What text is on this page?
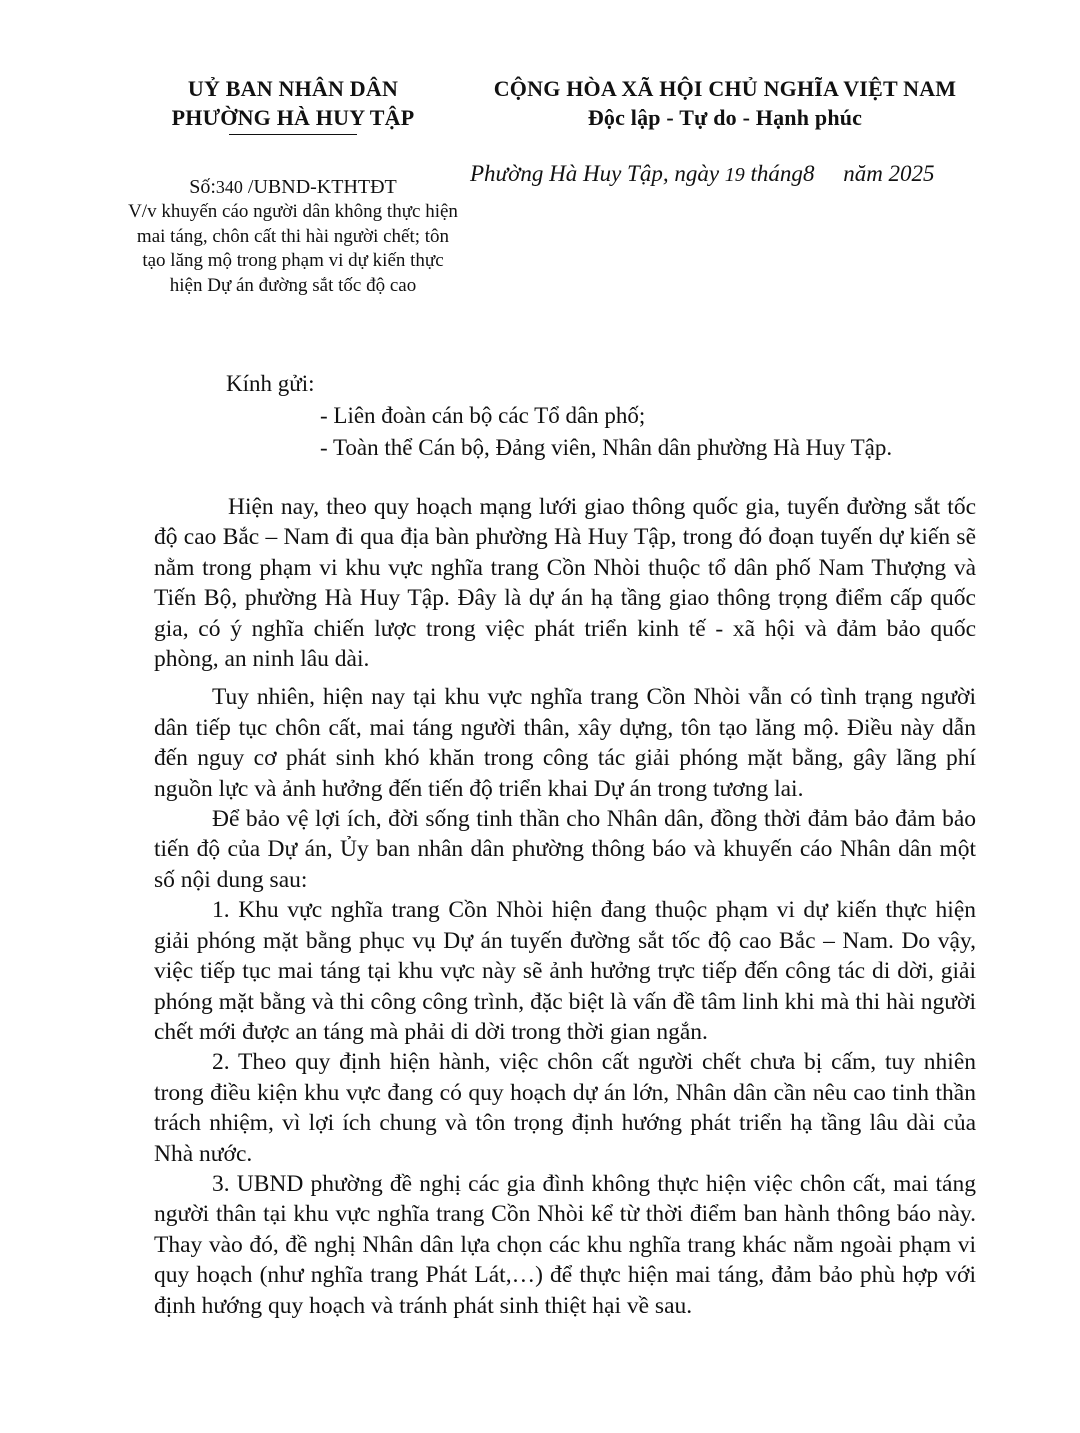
UỶ BAN NHÂN DÂN
PHƯỜNG HÀ HUY TẬP
Số:340 /UBND-KTHTĐT
V/v khuyến cáo người dân không thực hiện mai táng, chôn cất thi hài người chết; tôn tạo lăng mộ trong phạm vi dự kiến thực hiện Dự án đường sắt tốc độ cao
CỘNG HÒA XÃ HỘI CHỦ NGHĨA VIỆT NAM
Độc lập - Tự do - Hạnh phúc
Phường Hà Huy Tập, ngày 19 tháng8 năm 2025
Kính gửi:
- Liên đoàn cán bộ các Tổ dân phố;
- Toàn thể Cán bộ, Đảng viên, Nhân dân phường Hà Huy Tập.

Hiện nay, theo quy hoạch mạng lưới giao thông quốc gia, tuyến đường sắt tốc độ cao Bắc – Nam đi qua địa bàn phường Hà Huy Tập, trong đó đoạn tuyến dự kiến sẽ nằm trong phạm vi khu vực nghĩa trang Cồn Nhòi thuộc tổ dân phố Nam Thượng và Tiến Bộ, phường Hà Huy Tập. Đây là dự án hạ tầng giao thông trọng điểm cấp quốc gia, có ý nghĩa chiến lược trong việc phát triển kinh tế - xã hội và đảm bảo quốc phòng, an ninh lâu dài.

Tuy nhiên, hiện nay tại khu vực nghĩa trang Cồn Nhòi vẫn có tình trạng người dân tiếp tục chôn cất, mai táng người thân, xây dựng, tôn tạo lăng mộ. Điều này dẫn đến nguy cơ phát sinh khó khăn trong công tác giải phóng mặt bằng, gây lãng phí nguồn lực và ảnh hưởng đến tiến độ triển khai Dự án trong tương lai.

Để bảo vệ lợi ích, đời sống tinh thần cho Nhân dân, đồng thời đảm bảo đảm bảo tiến độ của Dự án, Ủy ban nhân dân phường thông báo và khuyến cáo Nhân dân một số nội dung sau:

1. Khu vực nghĩa trang Cồn Nhòi hiện đang thuộc phạm vi dự kiến thực hiện giải phóng mặt bằng phục vụ Dự án tuyến đường sắt tốc độ cao Bắc – Nam. Do vậy, việc tiếp tục mai táng tại khu vực này sẽ ảnh hưởng trực tiếp đến công tác di dời, giải phóng mặt bằng và thi công công trình, đặc biệt là vấn đề tâm linh khi mà thi hài người chết mới được an táng mà phải di dời trong thời gian ngắn.

2. Theo quy định hiện hành, việc chôn cất người chết chưa bị cấm, tuy nhiên trong điều kiện khu vực đang có quy hoạch dự án lớn, Nhân dân cần nêu cao tinh thần trách nhiệm, vì lợi ích chung và tôn trọng định hướng phát triển hạ tầng lâu dài của Nhà nước.

3. UBND phường đề nghị các gia đình không thực hiện việc chôn cất, mai táng người thân tại khu vực nghĩa trang Cồn Nhòi kể từ thời điểm ban hành thông báo này. Thay vào đó, đề nghị Nhân dân lựa chọn các khu nghĩa trang khác nằm ngoài phạm vi quy hoạch (như nghĩa trang Phát Lát,…) để thực hiện mai táng, đảm bảo phù hợp với định hướng quy hoạch và tránh phát sinh thiệt hại về sau.
